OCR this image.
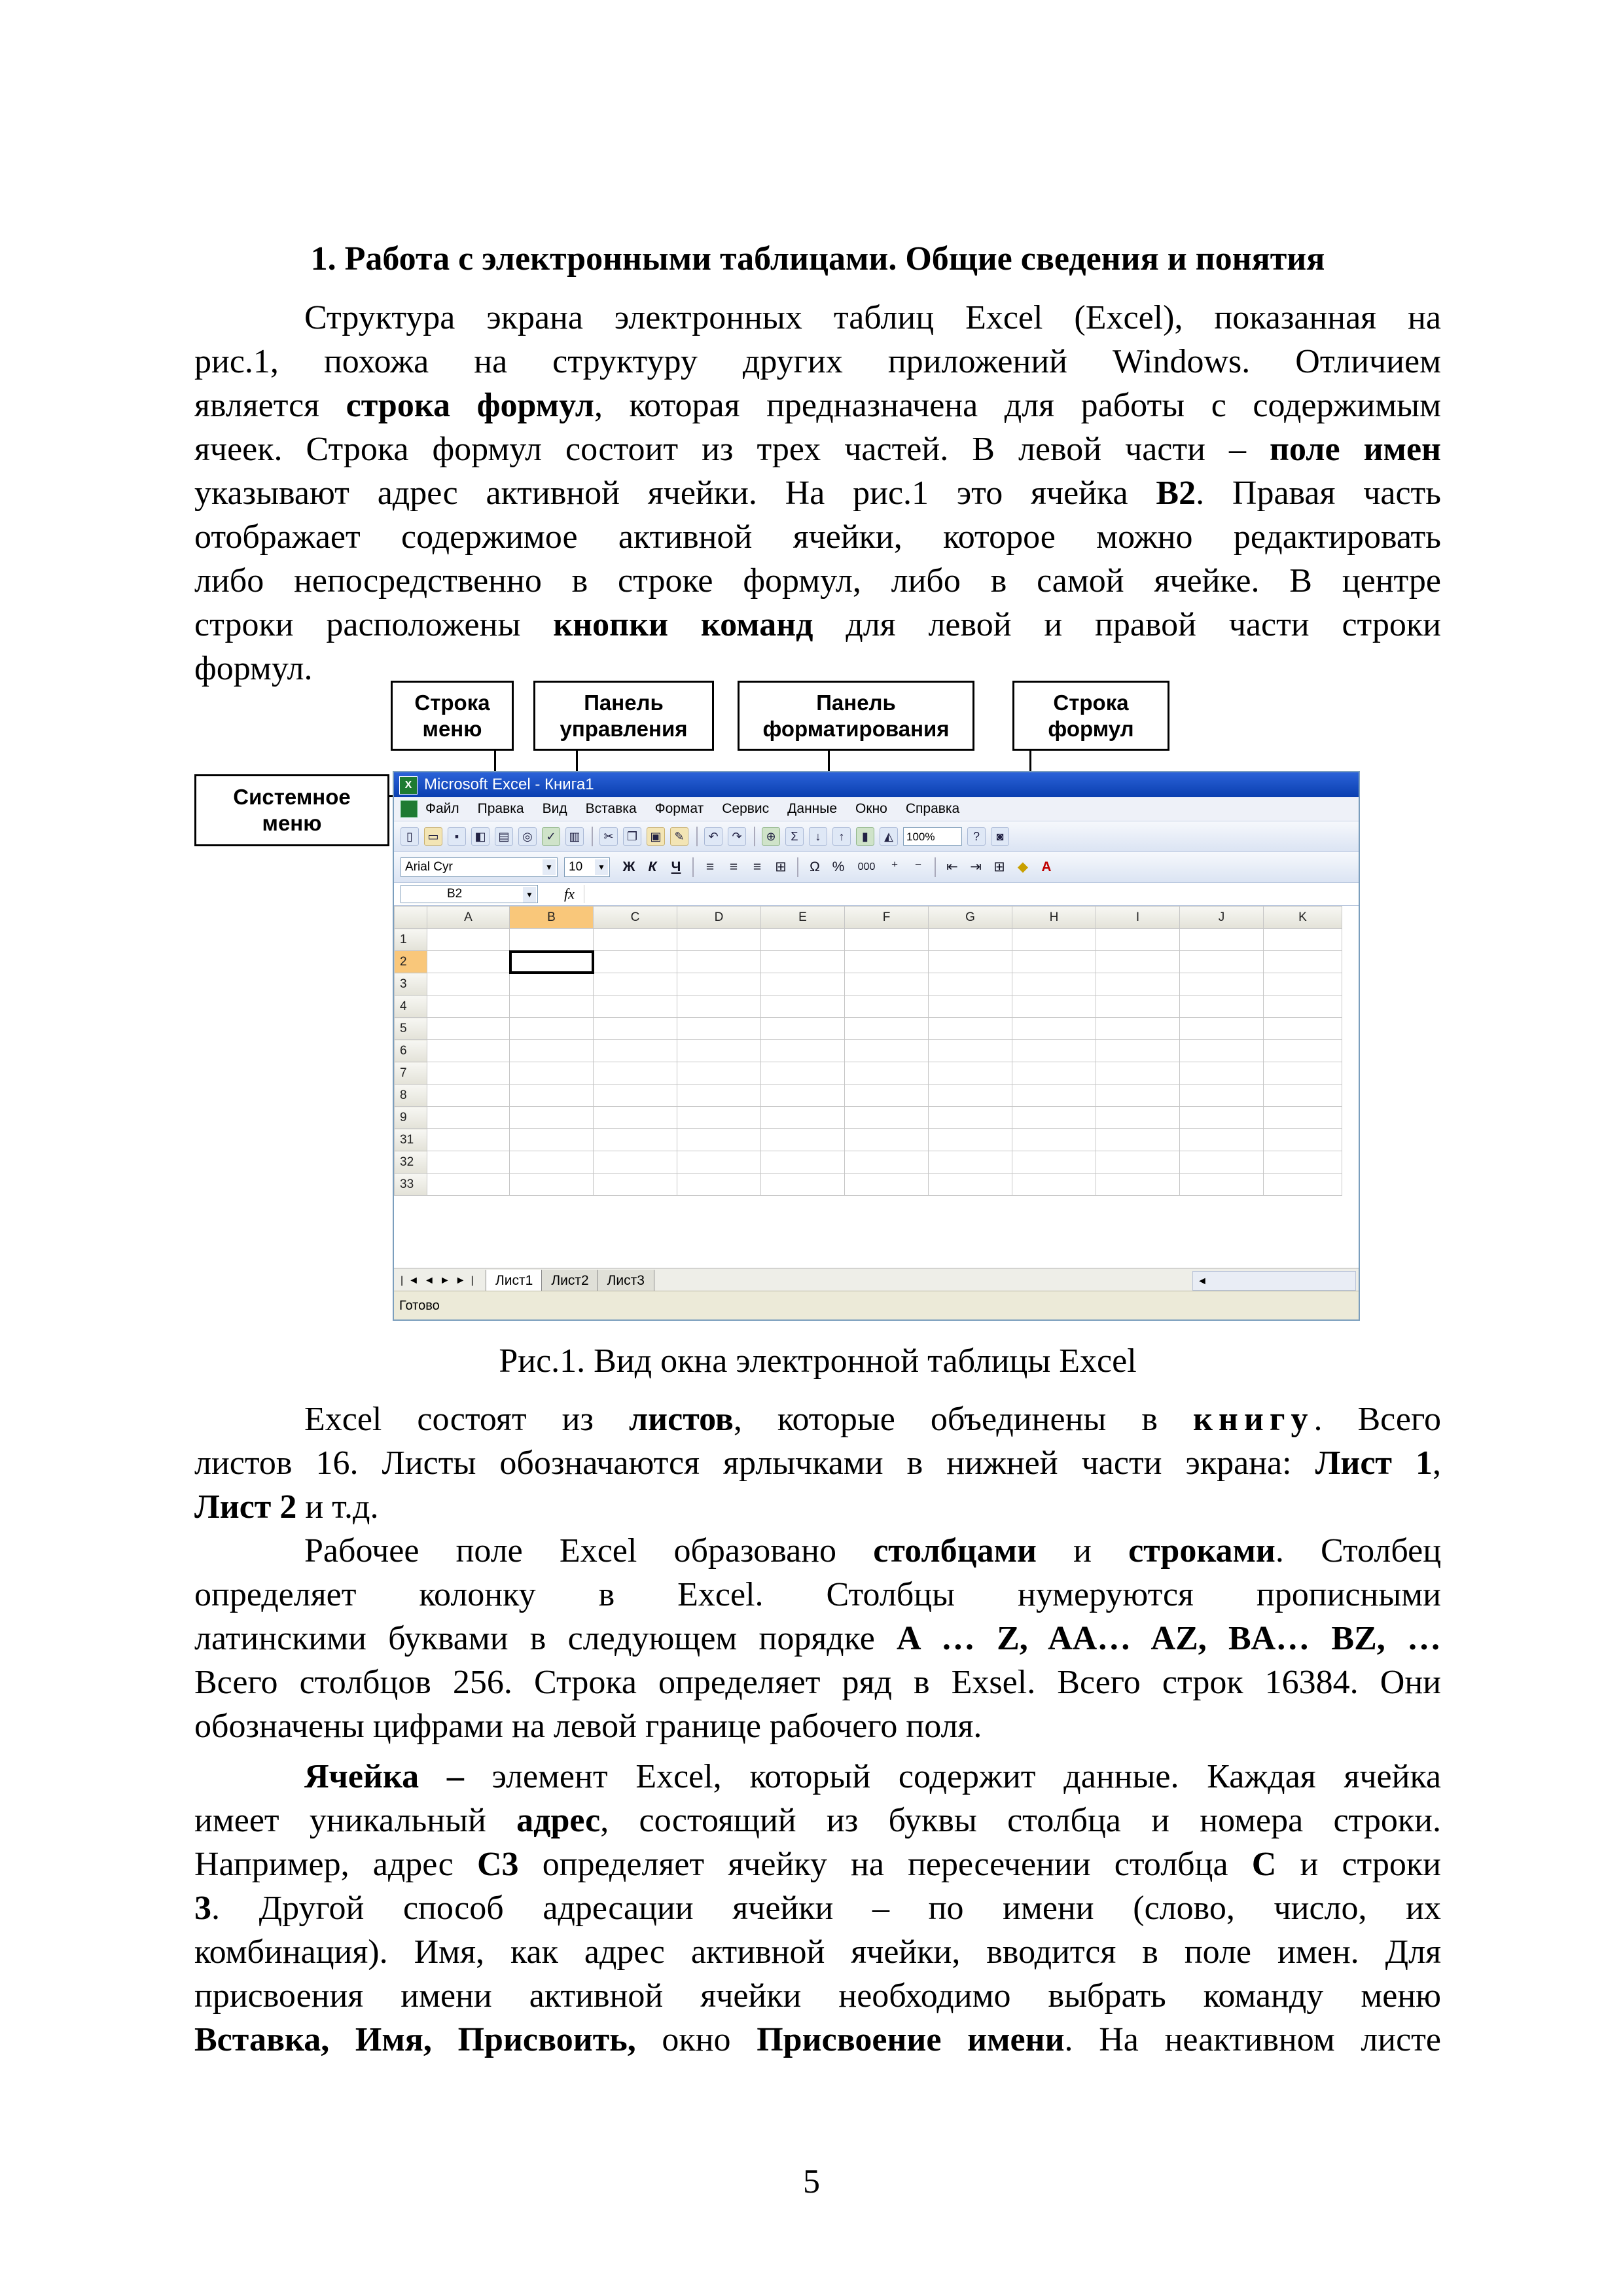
1. Работа с электронными таблицами. Общие сведения и понятия
Структура экрана электронных таблиц Excel (Excel), показанная на
рис.1, похожа на структуру других приложений Windows. Отличием
является строка формул, которая предназначена для работы с содержимым
ячеек. Строка формул состоит из трех частей. В левой части – поле имен
указывают адрес активной ячейки. На рис.1 это ячейка B2. Правая часть
отображает содержимое активной ячейки, которое можно редактировать
либо непосредственно в строке формул, либо в самой ячейке. В центре
строки расположены кнопки команд для левой и правой части строки
формул.
Строка
меню
Панель
управления
Панель
форматирования
Строка
формул
Системное
меню
X Microsoft Excel - Книга1
Файл Правка Вид Вставка Формат Сервис Данные Окно Справка
▯	▭	▪	◧	▤	◎	✓	▥	✂	❐	▣	✎	↶	↷	⊕	Σ	↓	↑	▮	◭	100%	?	◙
Arial Cyr	▼	10	▼ Ж К	Ч	≡	≡	≡	⊞	Ω %	000	⁺	⁻	⇤ ⇥ ⊞ ◆ A
B2	▼ fx
	A	B	C	D	E	F	G	H	I	J	K
1											
2											
3											
4											
5											
6											
7											
8											
9											
31											
32											
33											
|◄◄►►|	Лист1	Лист2	Лист3	◄
Готово
Рис.1. Вид окна электронной таблицы Excel
Excel состоят из листов, которые объединены в книгу. Всего
листов 16. Листы обозначаются ярлычками в нижней части экрана: Лист 1,
Лист 2 и т.д.
Рабочее поле Excel образовано столбцами и строками. Столбец
определяет колонку в Excel. Столбцы нумеруются прописными
латинскими буквами в следующем порядке A … Z, AA… AZ, BA… BZ, …
Всего столбцов 256. Строка определяет ряд в Exsel. Всего строк 16384. Они
обозначены цифрами на левой границе рабочего поля.
Ячейка – элемент Excel, который содержит данные. Каждая ячейка
имеет уникальный адрес, состоящий из буквы столбца и номера строки.
Например, адрес C3 определяет ячейку на пересечении столбца C и строки
3. Другой способ адресации ячейки – по имени (слово, число, их
комбинация). Имя, как адрес активной ячейки, вводится в поле имен. Для
присвоения имени активной ячейки необходимо выбрать команду меню
Вставка, Имя, Присвоить, окно Присвоение имени. На неактивном листе
5
